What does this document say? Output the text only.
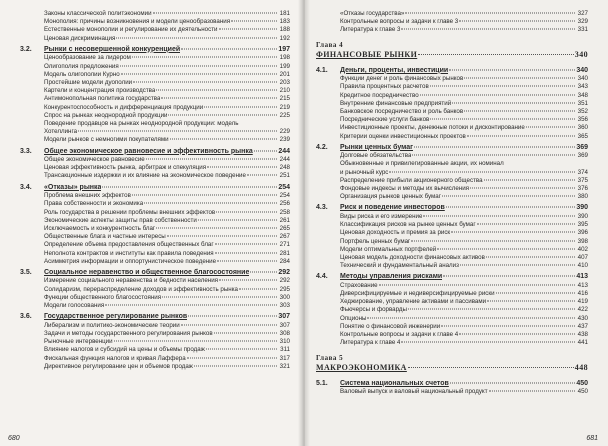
Законы классической политэкономии	181
Монополия: причины возникновения и модели ценообразования	183
Естественные монополии и регулирование их деятельности	188
Ценовая дискриминация	192
3.2.	Рынки с несовершенной конкуренцией	197
Ценообразование за лидером	198
Олигополия предложения	199
Модель олигополии Курно	201
Простейшие модели дуополии	203
Картели и концентрация производства	210
Антимонопольная политика государства	215
Конкурентоспособность и дифференциация продукции	219
Спрос на рынках неоднородной продукции	225
Поведение продавцов на рынках неоднородной продукции: модель
Хотеллинга	229
Модели рынков с немногими покупателями	239
3.3.	Общее экономическое равновесие и эффективность рынка	244
Общее экономическое равновесие	244
Ценовая эффективность рынка, арбитраж и спекуляция	248
Трансакционные издержки и их влияние на экономическое поведение	251
3.4.	«Отказы» рынка	254
Проблема внешних эффектов	254
Права собственности и экономика	256
Роль государства в решении проблемы внешних эффектов	258
Экономические аспекты защиты прав собственности	261
Исключаемость и конкурентность благ	265
Общественные блага и частные интересы	267
Определение объема предоставления общественных благ	271
Неполнота контрактов и институты как правила поведения	281
Асимметрия информации и оппортунистическое поведение	284
3.5.	Социальное неравенство и общественное благосостояние	292
Измерение социального неравенства и бедности населения	292
Солидаризм, перераспределение доходов и эффективность рынка	295
Функции общественного благосостояния	300
Модели голосования	303
3.6.	Государственное регулирование рынков	307
Либерализм и политико-экономические теории	307
Задачи и методы государственного регулирования рынков	308
Рыночные интервенции	310
Влияние налогов и субсидий на цены и объемы продаж	311
Фискальная функция налогов и кривая Лаффера	317
Директивное регулирование цен и объемов продаж	321
680
«Отказы государства»	327
Контрольные вопросы и задачи к главе 3	329
Литература к главе 3	331
Глава 4
ФИНАНСОВЫЕ РЫНКИ	340
4.1.	Деньги, проценты, инвестиции	340
Функции денег и роль финансовых рынков	340
Правила процентных расчетов	343
Кредитное посредничество	348
Внутренние финансовые предприятий	351
Банковское посредничество и роль банков	352
Посреднические услуги банков	356
Инвестиционные проекты, денежные потоки и дисконтирование	360
Критерии оценки инвестиционных проектов	365
4.2.	Рынки ценных бумаг	369
Долговые обязательства	369
Обыкновенные и привилегированные акции, их номинал
и рыночный курс	374
Распределение прибыли акционерного общества	375
Фондовые индексы и методы их вычисления	376
Организация рынков ценных бумаг	380
4.3.	Риск и поведение инвесторов	390
Виды риска и его измерение	390
Классификация рисков на рынке ценных бумаг	395
Ценовая доходность и премия за риск	396
Портфель ценных бумаг	398
Модели оптимальных портфелей	402
Ценовая модель доходности финансовых активов	407
Технический и фундаментальный анализ	410
4.4.	Методы управления рисками	413
Страхование	413
Диверсифицируемые и недиверсифицируемые риски	416
Хеджирование, управление активами и пассивами	419
Фьючерсы и форварды	422
Опционы	430
Понятие о финансовой инженерии	437
Контрольные вопросы и задачи к главе 4	438
Литература к главе 4	441
Глава 5
МАКРОЭКОНОМИКА	448
5.1.	Система национальных счетов	450
Валовый выпуск и валовый национальный продукт	450
681
